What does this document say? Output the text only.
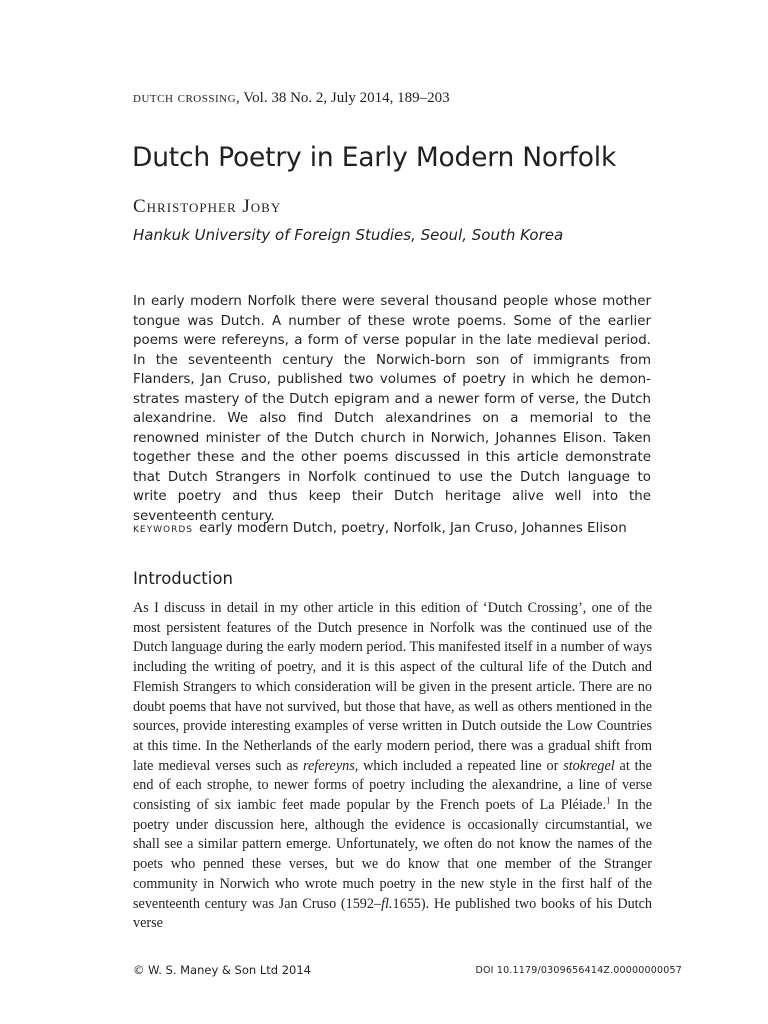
dutch crossing, Vol. 38 No. 2, July 2014, 189–203
Dutch Poetry in Early Modern Norfolk
Christopher Joby
Hankuk University of Foreign Studies, Seoul, South Korea

In early modern Norfolk there were several thousand people whose mother tongue was Dutch. A number of these wrote poems. Some of the earlier poems were refereyns, a form of verse popular in the late medieval period. In the seventeenth century the Norwich-born son of immigrants from Flanders, Jan Cruso, published two volumes of poetry in which he demonstrates mastery of the Dutch epigram and a newer form of verse, the Dutch alexandrine. We also find Dutch alexandrines on a memorial to the renowned minister of the Dutch church in Norwich, Johannes Elison. Taken together these and the other poems discussed in this article demonstrate that Dutch Strangers in Norfolk continued to use the Dutch language to write poetry and thus keep their Dutch heritage alive well into the seventeenth century.

keywords early modern Dutch, poetry, Norfolk, Jan Cruso, Johannes Elison
Introduction

As I discuss in detail in my other article in this edition of ‘Dutch Crossing’, one of the most persistent features of the Dutch presence in Norfolk was the continued use of the Dutch language during the early modern period. This manifested itself in a number of ways including the writing of poetry, and it is this aspect of the cultural life of the Dutch and Flemish Strangers to which consideration will be given in the present article. There are no doubt poems that have not survived, but those that have, as well as others mentioned in the sources, provide interesting examples of verse written in Dutch outside the Low Countries at this time. In the Netherlands of the early modern period, there was a gradual shift from late medieval verses such as refereyns, which included a repeated line or stokregel at the end of each strophe, to newer forms of poetry including the alexandrine, a line of verse consisting of six iambic feet made popular by the French poets of La Pléiade.$^1$ In the poetry under discussion here, although the evidence is occasionally circumstantial, we shall see a similar pattern emerge. Unfortunately, we often do not know the names of the poets who penned these verses, but we do know that one member of the Stranger community in Norwich who wrote much poetry in the new style in the first half of the seventeenth century was Jan Cruso (1592–fl.1655). He published two books of his Dutch verse

© W. S. Maney & Son Ltd 2014	DOI 10.1179/0309656414Z.00000000057
